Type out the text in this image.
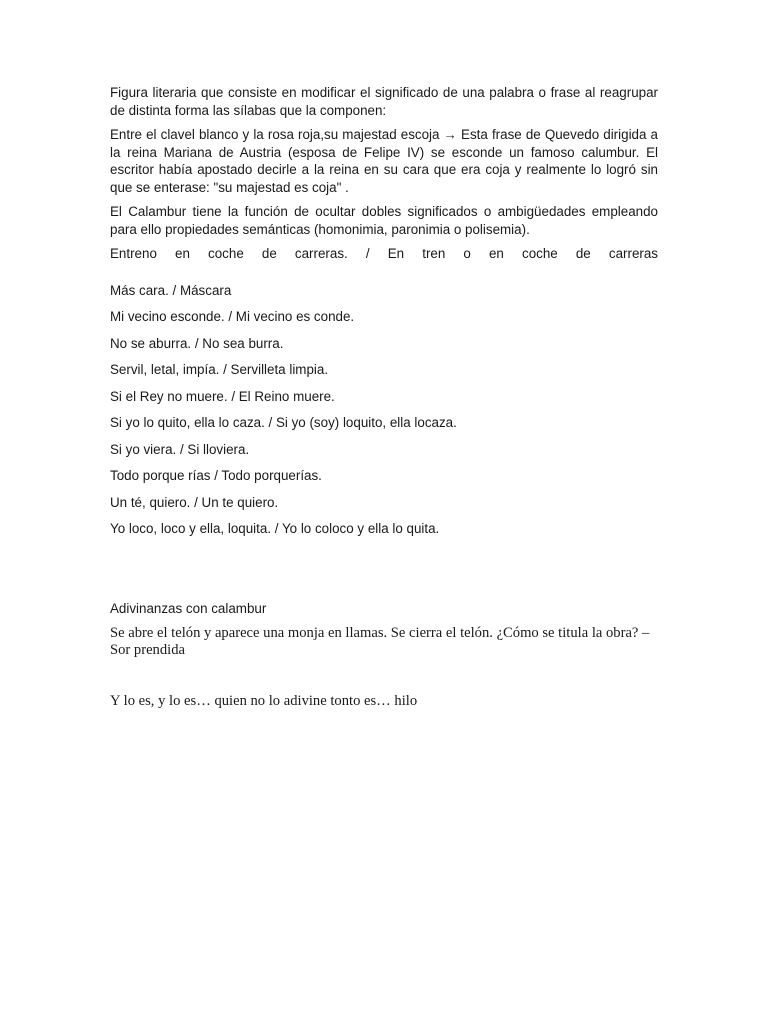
Figura literaria que consiste en modificar el significado de una palabra o frase al reagrupar de distinta forma las sílabas que la componen:

Entre el clavel blanco y la rosa roja,su majestad escoja → Esta frase de Quevedo dirigida a la reina Mariana de Austria (esposa de Felipe IV) se esconde un famoso calumbur. El escritor había apostado decirle a la reina en su cara que era coja y realmente lo logró sin que se enterase: "su majestad es coja" .

El Calambur tiene la función de ocultar dobles significados o ambigüedades empleando para ello propiedades semánticas (homonimia, paronimia o polisemia).

Entreno en coche de carreras. / En tren o en coche de carreras

Más cara. / Máscara

Mi vecino esconde. / Mi vecino es conde.

No se aburra. / No sea burra.

Servil, letal, impía. / Servilleta limpia.

Si el Rey no muere. / El Reino muere.

Si yo lo quito, ella lo caza. / Si yo (soy) loquito, ella locaza.

Si yo viera. / Si lloviera.

Todo porque rías / Todo porquerías.

Un té, quiero. / Un te quiero.

Yo loco, loco y ella, loquita. / Yo lo coloco y ella lo quita.

Adivinanzas con calambur

Se abre el telón y aparece una monja en llamas. Se cierra el telón. ¿Cómo se titula la obra? – Sor prendida

Y lo es, y lo es… quien no lo adivine tonto es… hilo
